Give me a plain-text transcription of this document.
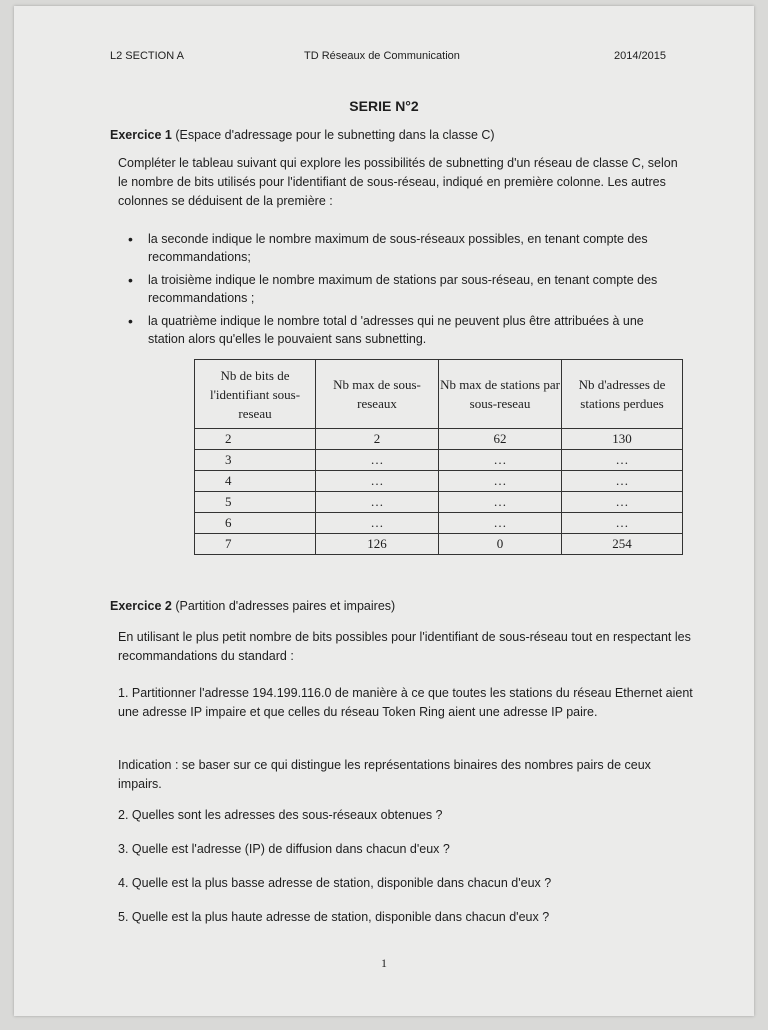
L2 SECTION A	TD Réseaux de Communication	2014/2015
SERIE N°2
Exercice 1 (Espace d'adressage pour le subnetting dans la classe C)
Compléter le tableau suivant qui explore les possibilités de subnetting d'un réseau de classe C, selon le nombre de bits utilisés pour l'identifiant de sous-réseau, indiqué en première colonne. Les autres colonnes se déduisent de la première :
• la seconde indique le nombre maximum de sous-réseaux possibles, en tenant compte des recommandations;
• la troisième indique le nombre maximum de stations par sous-réseau, en tenant compte des recommandations ;
• la quatrième indique le nombre total d 'adresses qui ne peuvent plus être attribuées à une station alors qu'elles le pouvaient sans subnetting.
Nb de bits de l'identifiant sous-reseau	Nb max de sous-reseaux	Nb max de stations par sous-reseau	Nb d'adresses de stations perdues
2	2	62	130
3	…	…	…
4	…	…	…
5	…	…	…
6	…	…	…
7	126	0	254
Exercice 2 (Partition d'adresses paires et impaires)
En utilisant le plus petit nombre de bits possibles pour l'identifiant de sous-réseau tout en respectant les recommandations du standard :
1. Partitionner l'adresse 194.199.116.0 de manière à ce que toutes les stations du réseau Ethernet aient une adresse IP impaire et que celles du réseau Token Ring aient une adresse IP paire.
Indication : se baser sur ce qui distingue les représentations binaires des nombres pairs de ceux impairs.
2. Quelles sont les adresses des sous-réseaux obtenues ?
3. Quelle est l'adresse (IP) de diffusion dans chacun d'eux ?
4. Quelle est la plus basse adresse de station, disponible dans chacun d'eux ?
5. Quelle est la plus haute adresse de station, disponible dans chacun d'eux ?
1
